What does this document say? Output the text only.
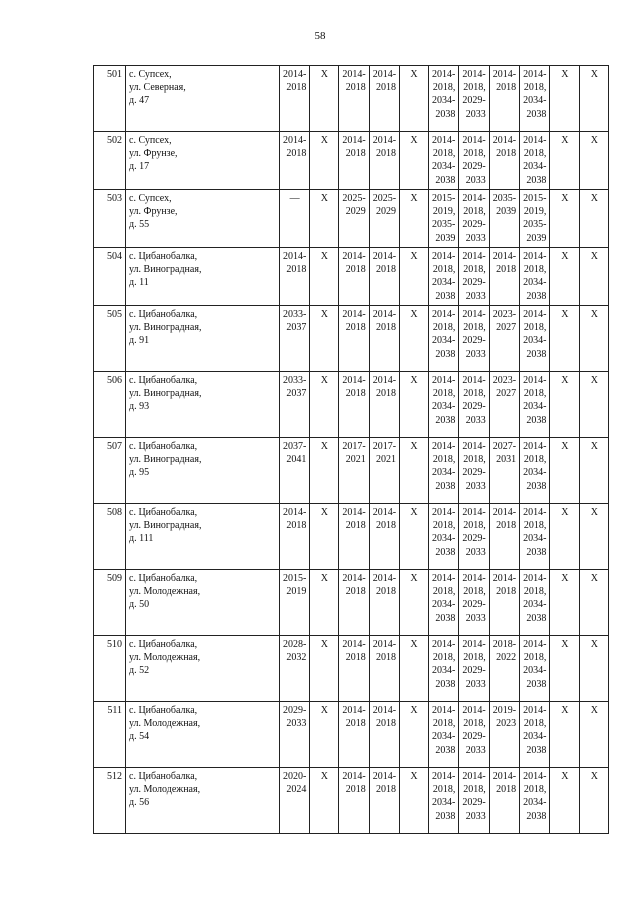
58
501	с. Супсех,
ул. Северная,
д. 47	2014-
2018	X	2014-
2018	2014-
2018	X	2014-
2018,
2034-
2038	2014-
2018,
2029-
2033	2014-
2018	2014-
2018,
2034-
2038	X	X

502	с. Супсех,
ул. Фрунзе,
д. 17	2014-
2018	X	2014-
2018	2014-
2018	X	2014-
2018,
2034-
2038	2014-
2018,
2029-
2033	2014-
2018	2014-
2018,
2034-
2038	X	X

503	с. Супсех,
ул. Фрунзе,
д. 55	—	X	2025-
2029	2025-
2029	X	2015-
2019,
2035-
2039	2014-
2018,
2029-
2033	2035-
2039	2015-
2019,
2035-
2039	X	X

504	с. Цибанобалка,
ул. Виноградная,
д. 11	2014-
2018	X	2014-
2018	2014-
2018	X	2014-
2018,
2034-
2038	2014-
2018,
2029-
2033	2014-
2018	2014-
2018,
2034-
2038	X	X

505	с. Цибанобалка,
ул. Виноградная,
д. 91	2033-
2037	X	2014-
2018	2014-
2018	X	2014-
2018,
2034-
2038	2014-
2018,
2029-
2033	2023-
2027	2014-
2018,
2034-
2038	X	X

506	с. Цибанобалка,
ул. Виноградная,
д. 93	2033-
2037	X	2014-
2018	2014-
2018	X	2014-
2018,
2034-
2038	2014-
2018,
2029-
2033	2023-
2027	2014-
2018,
2034-
2038	X	X

507	с. Цибанобалка,
ул. Виноградная,
д. 95	2037-
2041	X	2017-
2021	2017-
2021	X	2014-
2018,
2034-
2038	2014-
2018,
2029-
2033	2027-
2031	2014-
2018,
2034-
2038	X	X

508	с. Цибанобалка,
ул. Виноградная,
д. 111	2014-
2018	X	2014-
2018	2014-
2018	X	2014-
2018,
2034-
2038	2014-
2018,
2029-
2033	2014-
2018	2014-
2018,
2034-
2038	X	X

509	с. Цибанобалка,
ул. Молодежная,
д. 50	2015-
2019	X	2014-
2018	2014-
2018	X	2014-
2018,
2034-
2038	2014-
2018,
2029-
2033	2014-
2018	2014-
2018,
2034-
2038	X	X

510	с. Цибанобалка,
ул. Молодежная,
д. 52	2028-
2032	X	2014-
2018	2014-
2018	X	2014-
2018,
2034-
2038	2014-
2018,
2029-
2033	2018-
2022	2014-
2018,
2034-
2038	X	X

511	с. Цибанобалка,
ул. Молодежная,
д. 54	2029-
2033	X	2014-
2018	2014-
2018	X	2014-
2018,
2034-
2038	2014-
2018,
2029-
2033	2019-
2023	2014-
2018,
2034-
2038	X	X

512	с. Цибанобалка,
ул. Молодежная,
д. 56	2020-
2024	X	2014-
2018	2014-
2018	X	2014-
2018,
2034-
2038	2014-
2018,
2029-
2033	2014-
2018	2014-
2018,
2034-
2038	X	X
